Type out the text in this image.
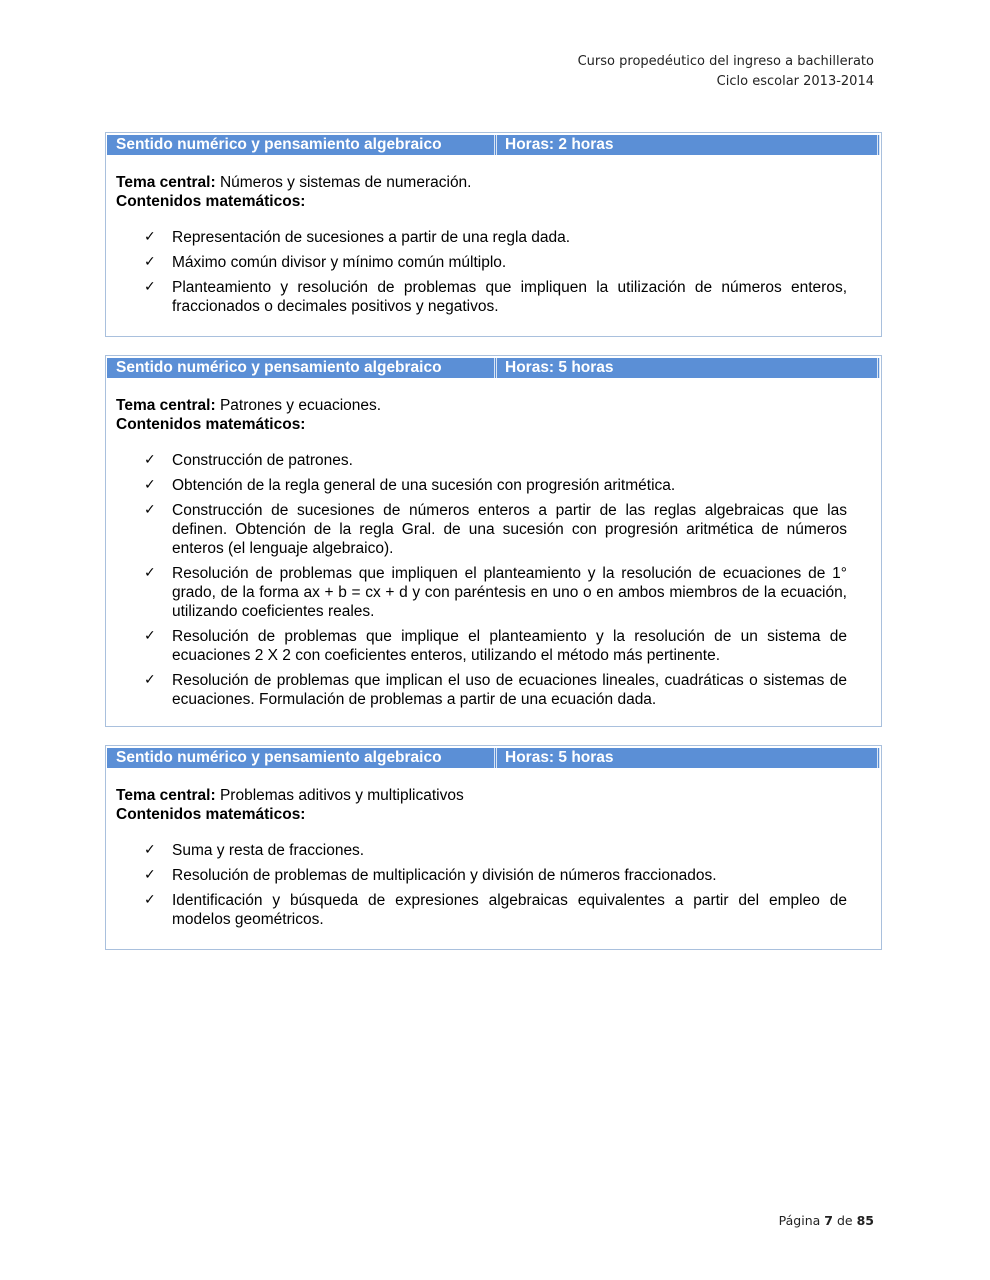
Curso propedéutico del ingreso a bachillerato
Ciclo escolar 2013-2014
Sentido numérico y pensamiento algebraico	Horas: 2 horas
Tema central: Números y sistemas de numeración.
Contenidos matemáticos:
✓ Representación de sucesiones a partir de una regla dada.
✓ Máximo común divisor y mínimo común múltiplo.
✓ Planteamiento y resolución de problemas que impliquen la utilización de números enteros, fraccionados o decimales positivos y negativos.
Sentido numérico y pensamiento algebraico	Horas: 5 horas
Tema central: Patrones y ecuaciones.
Contenidos matemáticos:
✓ Construcción de patrones.
✓ Obtención de la regla general de una sucesión con progresión aritmética.
✓ Construcción de sucesiones de números enteros a partir de las reglas algebraicas que las definen. Obtención de la regla Gral. de una sucesión con progresión aritmética de números enteros (el lenguaje algebraico).
✓ Resolución de problemas que impliquen el planteamiento y la resolución de ecuaciones de 1° grado, de la forma ax + b = cx + d y con paréntesis en uno o en ambos miembros de la ecuación, utilizando coeficientes reales.
✓ Resolución de problemas que implique el planteamiento y la resolución de un sistema de ecuaciones 2 X 2 con coeficientes enteros, utilizando el método más pertinente.
✓ Resolución de problemas que implican el uso de ecuaciones lineales, cuadráticas o sistemas de ecuaciones. Formulación de problemas a partir de una ecuación dada.
Sentido numérico y pensamiento algebraico	Horas: 5 horas
Tema central: Problemas aditivos y multiplicativos
Contenidos matemáticos:
✓ Suma y resta de fracciones.
✓ Resolución de problemas de multiplicación y división de números fraccionados.
✓ Identificación y búsqueda de expresiones algebraicas equivalentes a partir del empleo de modelos geométricos.
Página 7 de 85
